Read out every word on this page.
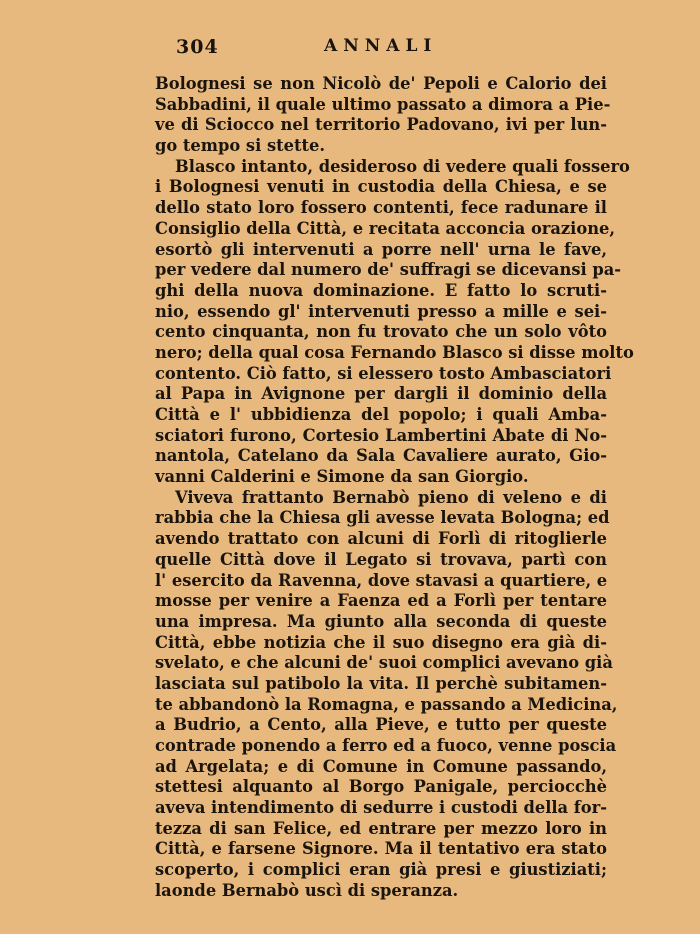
304	ANNALI
Bolognesi se non Nicolò de' Pepoli e Calorio dei
Sabbadini, il quale ultimo passato a dimora a Pie-
ve di Sciocco nel territorio Padovano, ivi per lun-
go tempo si stette.
Blasco intanto, desideroso di vedere quali fossero
i Bolognesi venuti in custodia della Chiesa, e se
dello stato loro fossero contenti, fece radunare il
Consiglio della Città, e recitata acconcia orazione,
esortò gli intervenuti a porre nell' urna le fave,
per vedere dal numero de' suffragi se dicevansi pa-
ghi della nuova dominazione. E fatto lo scruti-
nio, essendo gl' intervenuti presso a mille e sei-
cento cinquanta, non fu trovato che un solo vôto
nero; della qual cosa Fernando Blasco si disse molto
contento. Ciò fatto, si elessero tosto Ambasciatori
al Papa in Avignone per dargli il dominio della
Città e l' ubbidienza del popolo; i quali Amba-
sciatori furono, Cortesio Lambertini Abate di No-
nantola, Catelano da Sala Cavaliere aurato, Gio-
vanni Calderini e Simone da san Giorgio.
Viveva frattanto Bernabò pieno di veleno e di
rabbia che la Chiesa gli avesse levata Bologna; ed
avendo trattato con alcuni di Forlì di ritoglierle
quelle Città dove il Legato si trovava, partì con
l' esercito da Ravenna, dove stavasi a quartiere, e
mosse per venire a Faenza ed a Forlì per tentare
una impresa. Ma giunto alla seconda di queste
Città, ebbe notizia che il suo disegno era già di-
svelato, e che alcuni de' suoi complici avevano già
lasciata sul patibolo la vita. Il perchè subitamen-
te abbandonò la Romagna, e passando a Medicina,
a Budrio, a Cento, alla Pieve, e tutto per queste
contrade ponendo a ferro ed a fuoco, venne poscia
ad Argelata; e di Comune in Comune passando,
stettesi alquanto al Borgo Panigale, perciocchè
aveva intendimento di sedurre i custodi della for-
tezza di san Felice, ed entrare per mezzo loro in
Città, e farsene Signore. Ma il tentativo era stato
scoperto, i complici eran già presi e giustiziati;
laonde Bernabò uscì di speranza.
